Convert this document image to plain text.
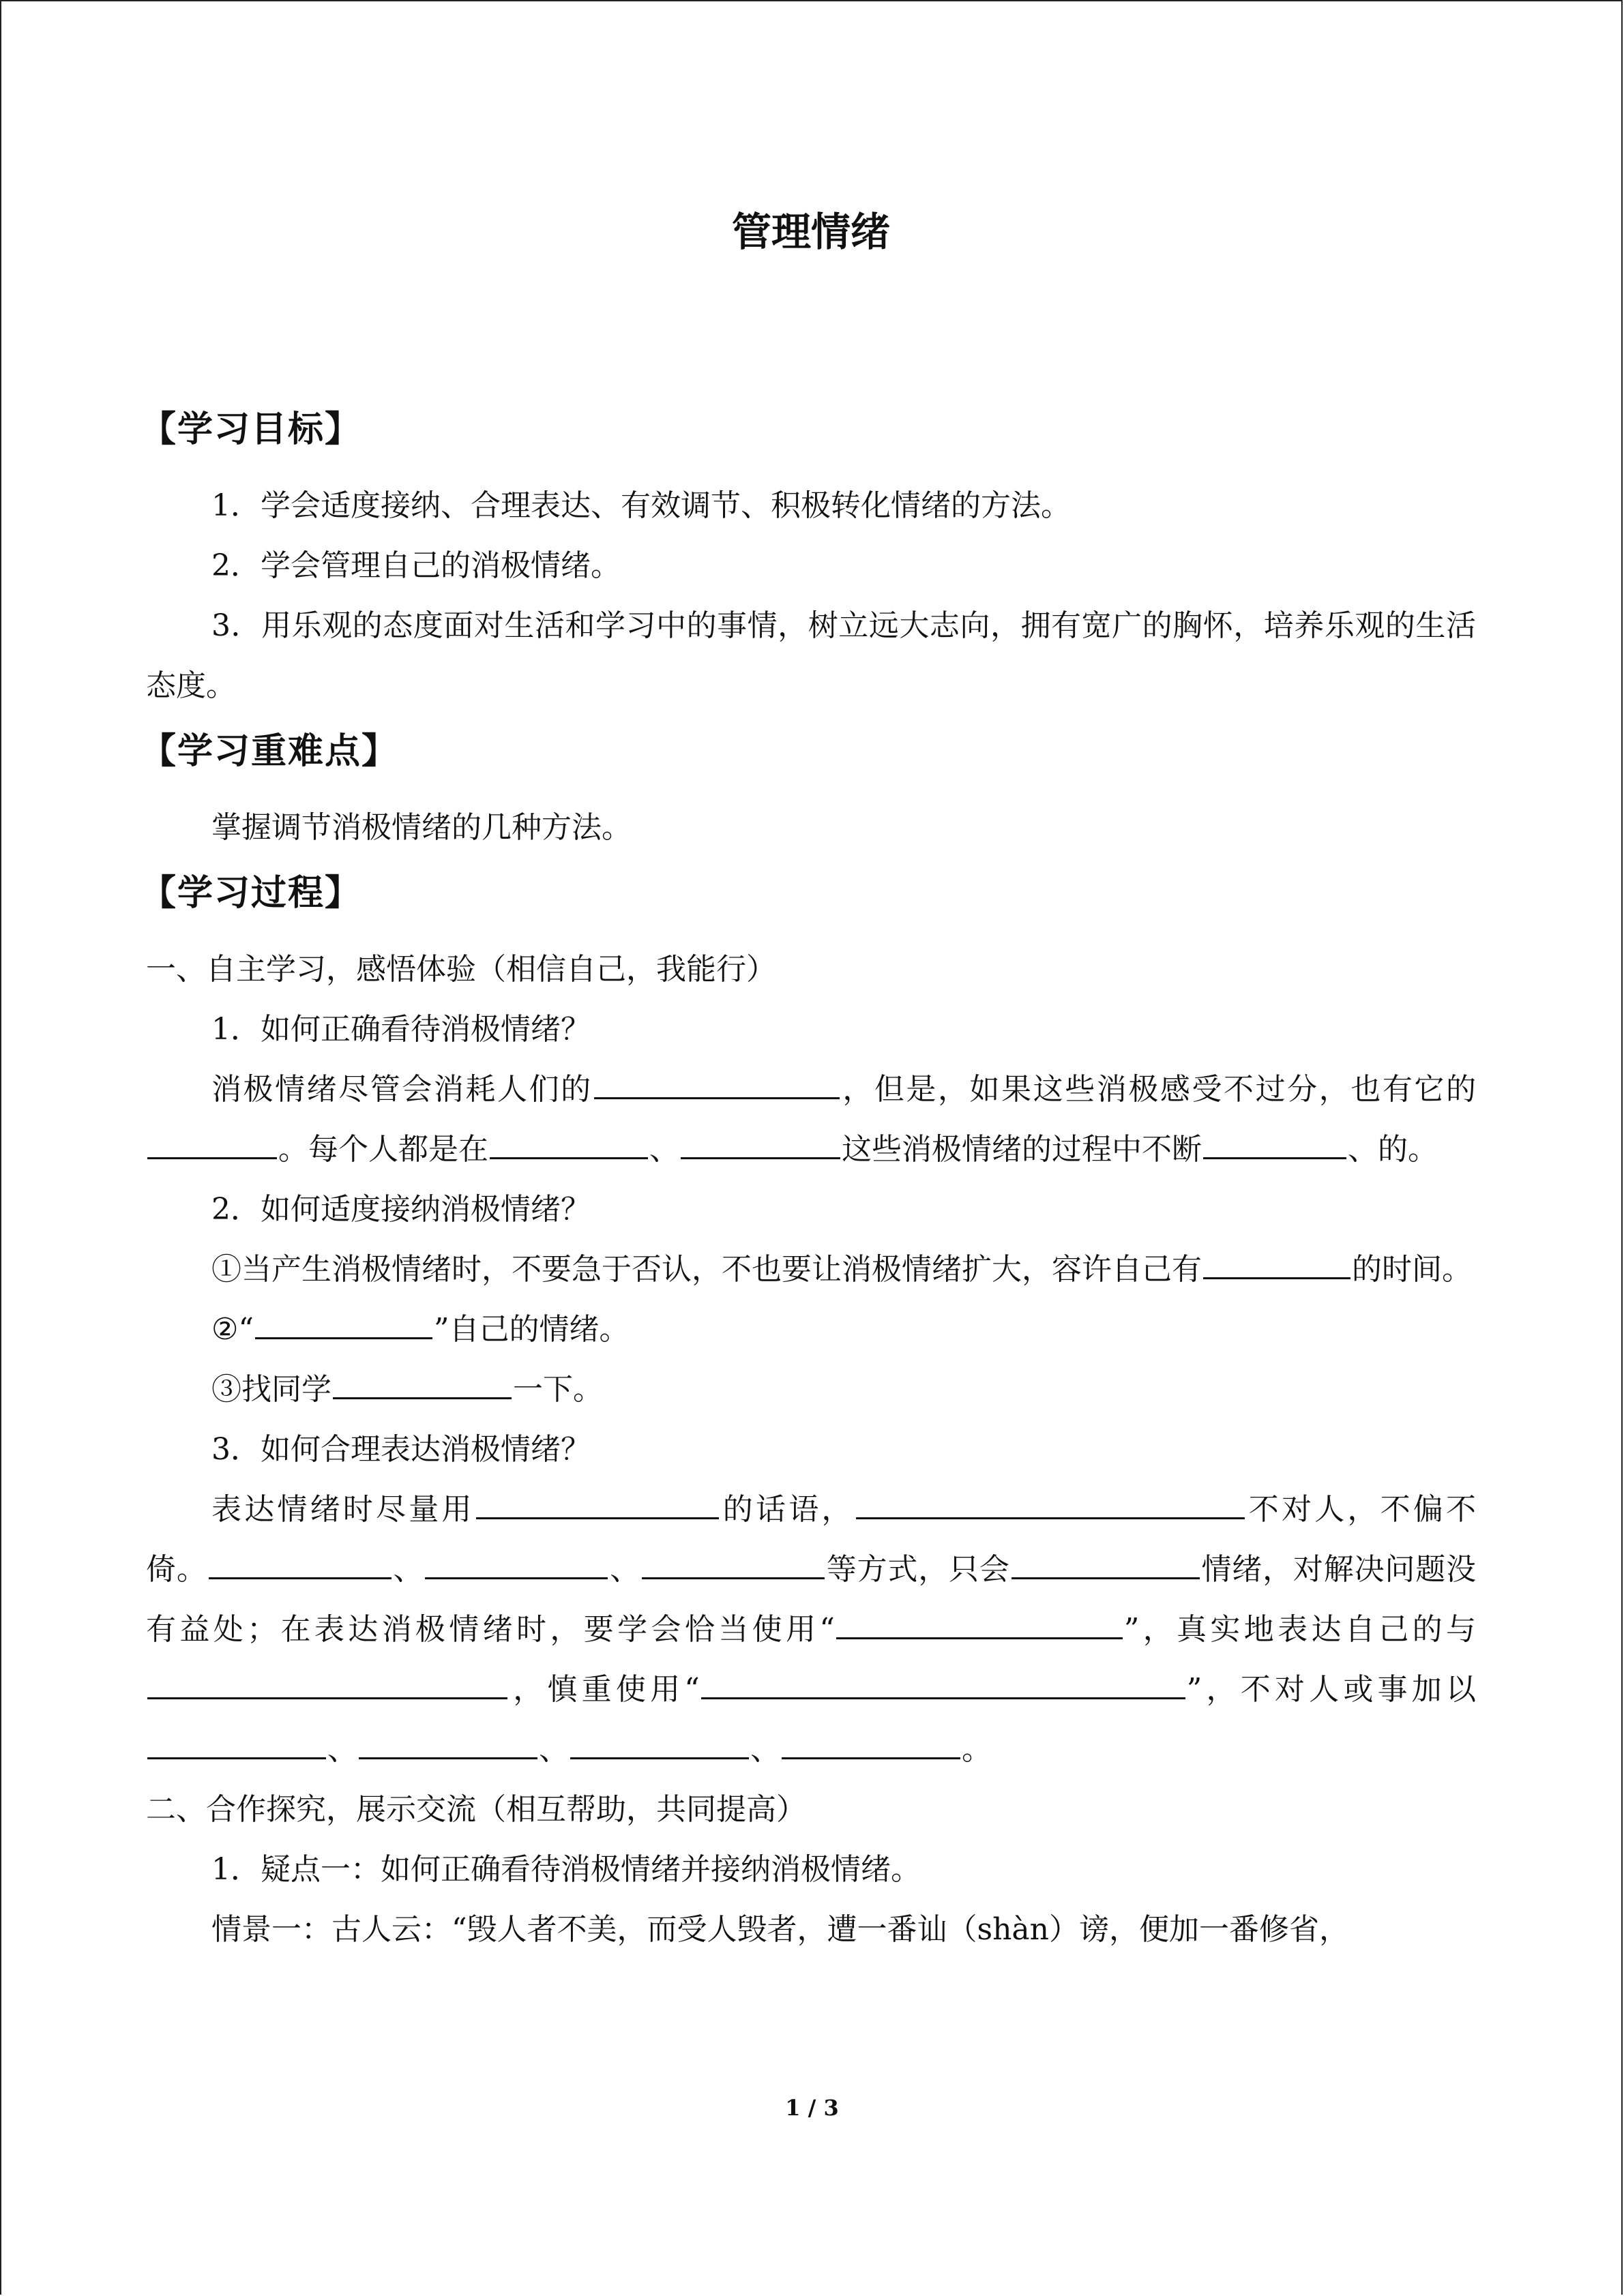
管理情绪
【学习目标】

1．学会适度接纳、合理表达、有效调节、积极转化情绪的方法。

2．学会管理自己的消极情绪。

3．用乐观的态度面对生活和学习中的事情，树立远大志向，拥有宽广的胸怀，培养乐观的生活态度。

【学习重难点】

掌握调节消极情绪的几种方法。

【学习过程】

一、自主学习，感悟体验（相信自己，我能行）

1．如何正确看待消极情绪？

消极情绪尽管会消耗人们的	，但是，如果这些消极感受不过分，也有它的。每个人都是在	、	这些消极情绪的过程中不断	、的。

2．如何适度接纳消极情绪？

①当产生消极情绪时，不要急于否认，不也要让消极情绪扩大，容许自己有	的时间。

②“	”自己的情绪。

③找同学	一下。

3．如何合理表达消极情绪？

表达情绪时尽量用	的话语，	不对人，不偏不倚。	、	、	等方式，只会	情绪，对解决问题没有益处；在表达消极情绪时，要学会恰当使用“	”，真实地表达自己的与，慎重使用“	”，不对人或事加以、	、	、	。

二、合作探究，展示交流（相互帮助，共同提高）

1．疑点一：如何正确看待消极情绪并接纳消极情绪。

情景一：古人云：“毁人者不美，而受人毁者，遭一番讪（shàn）谤，便加一番修省，

1 / 3
